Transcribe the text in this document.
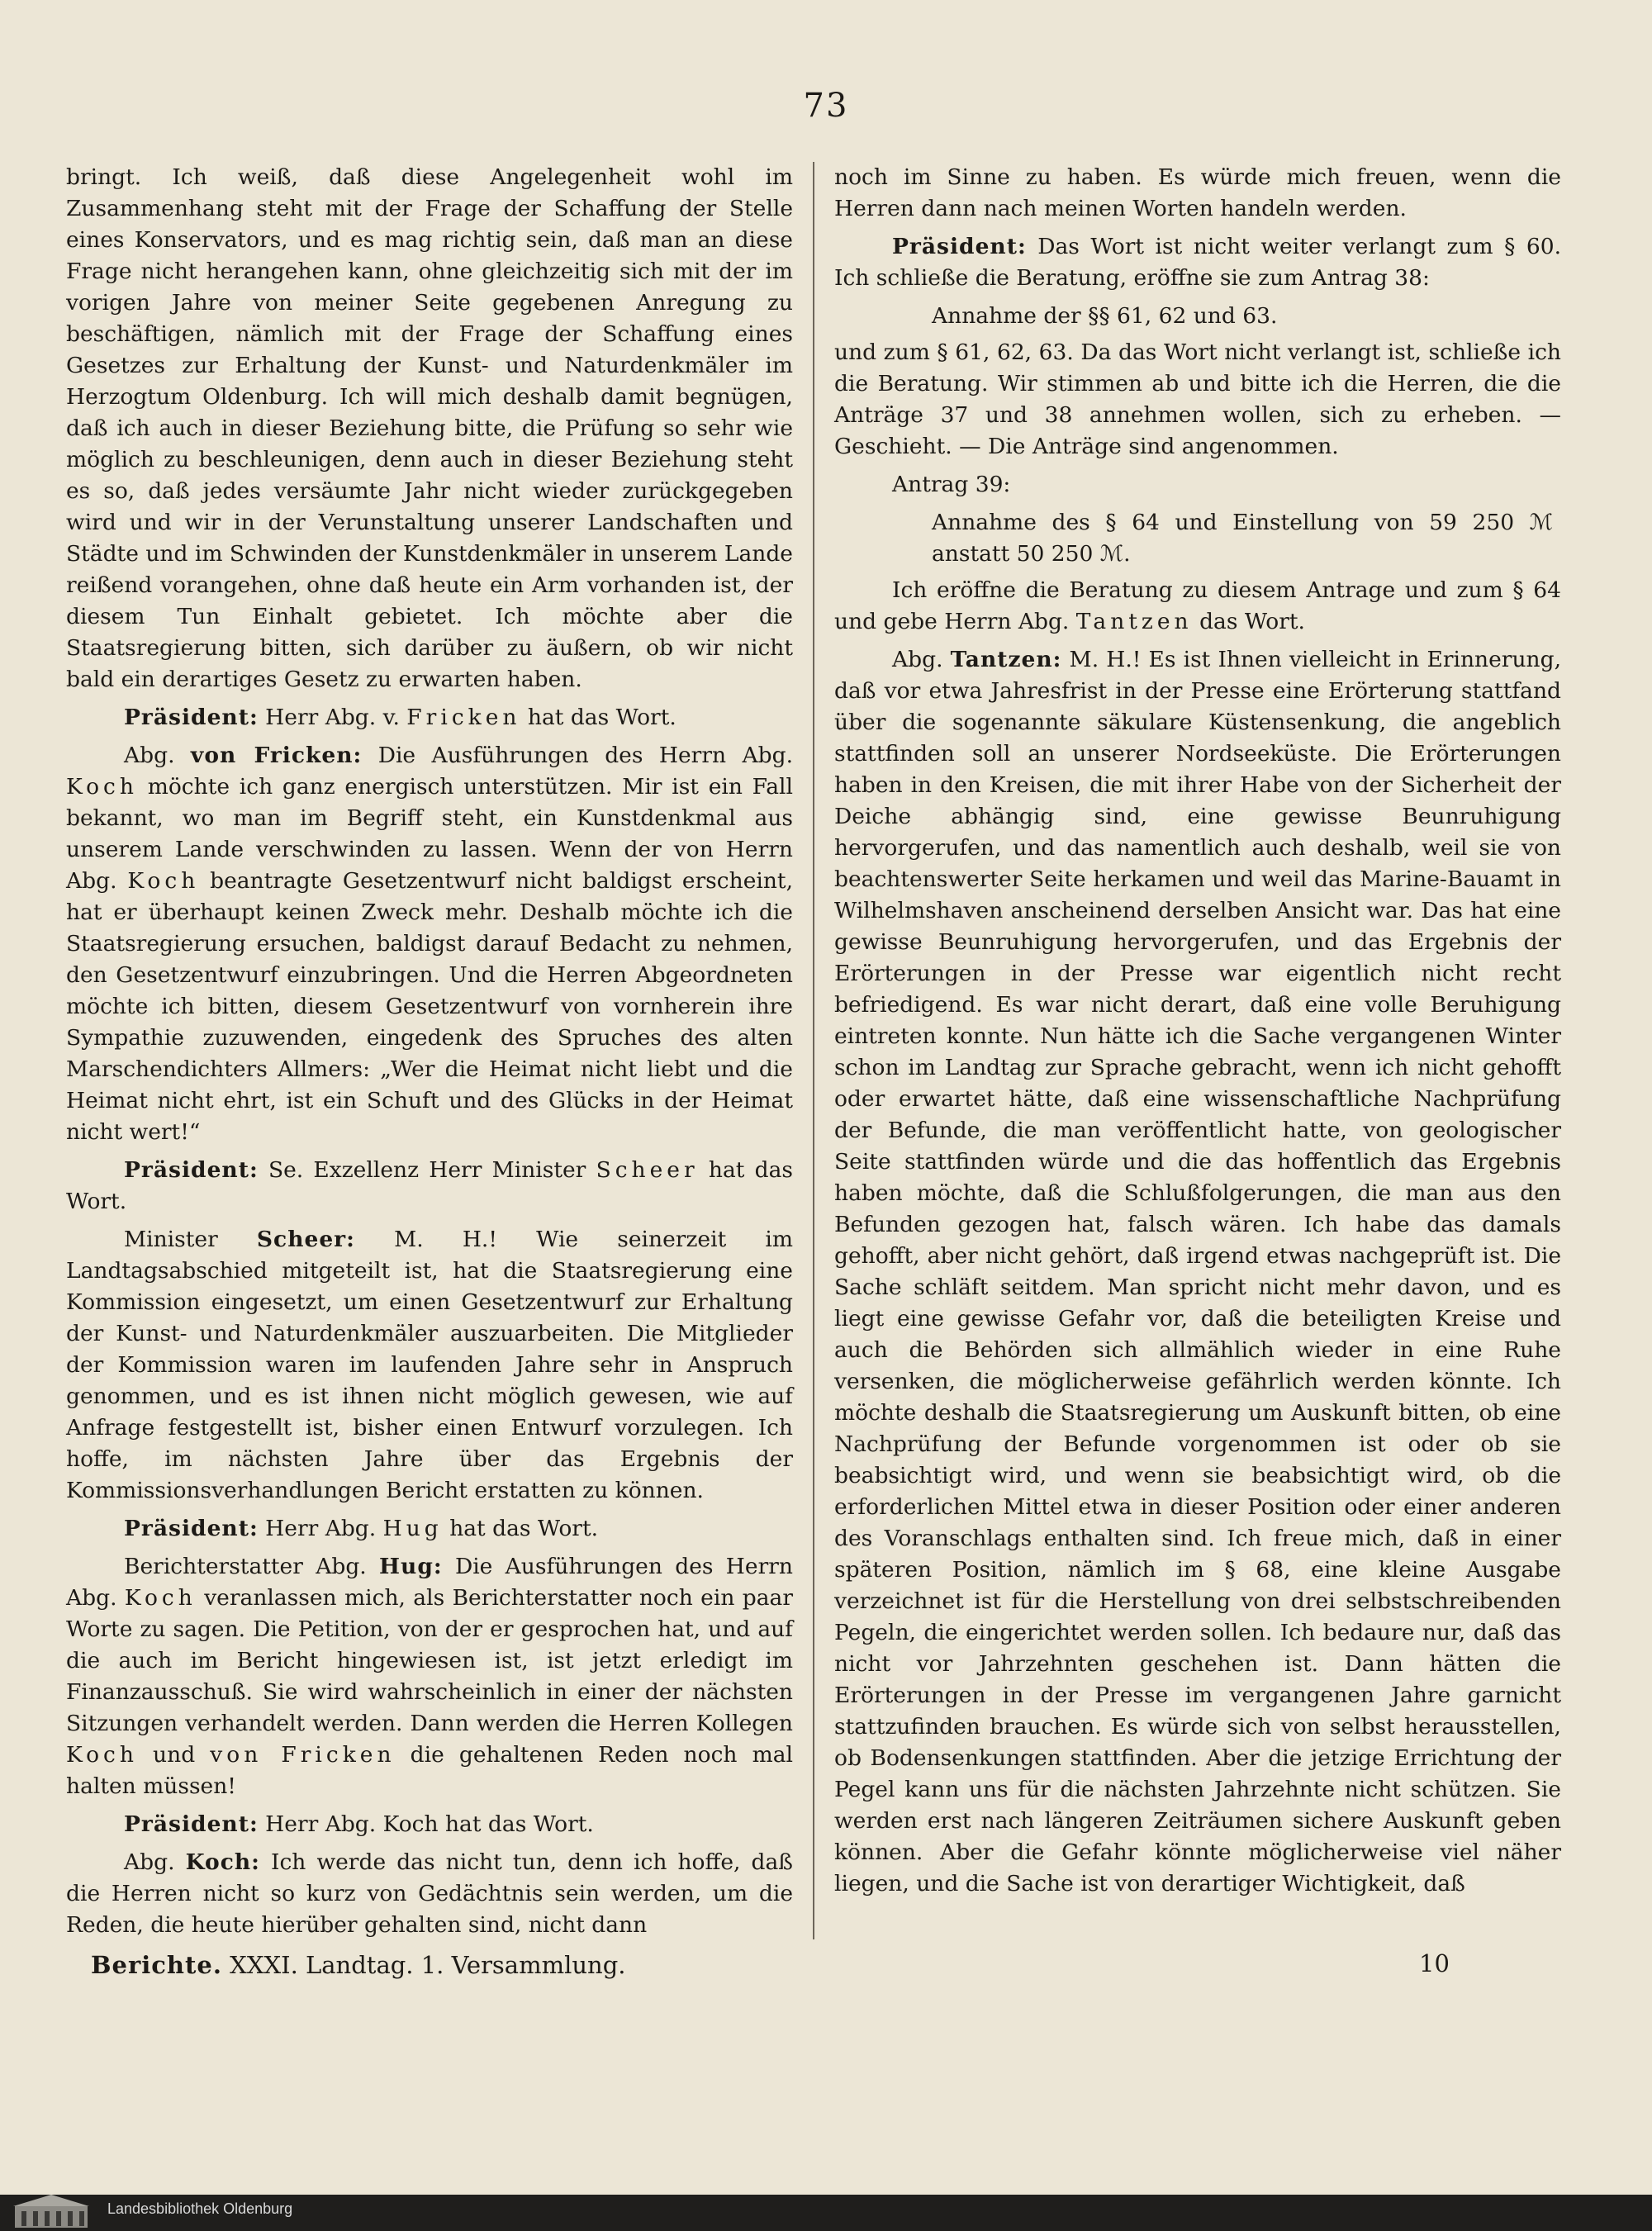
73

bringt. Ich weiß, daß diese Angelegenheit wohl im Zusammenhang steht mit der Frage der Schaffung der Stelle eines Konservators, und es mag richtig sein, daß man an diese Frage nicht herangehen kann, ohne gleichzeitig sich mit der im vorigen Jahre von meiner Seite gegebenen Anregung zu beschäftigen, nämlich mit der Frage der Schaffung eines Gesetzes zur Erhaltung der Kunst- und Naturdenkmäler im Herzogtum Oldenburg. Ich will mich deshalb damit begnügen, daß ich auch in dieser Beziehung bitte, die Prüfung so sehr wie möglich zu beschleunigen, denn auch in dieser Beziehung steht es so, daß jedes versäumte Jahr nicht wieder zurückgegeben wird und wir in der Verunstaltung unserer Landschaften und Städte und im Schwinden der Kunstdenkmäler in unserem Lande reißend vorangehen, ohne daß heute ein Arm vorhanden ist, der diesem Tun Einhalt gebietet. Ich möchte aber die Staatsregierung bitten, sich darüber zu äußern, ob wir nicht bald ein derartiges Gesetz zu erwarten haben.

Präsident: Herr Abg. v. Fricken hat das Wort.

Abg. von Fricken: Die Ausführungen des Herrn Abg. Koch möchte ich ganz energisch unterstützen. Mir ist ein Fall bekannt, wo man im Begriff steht, ein Kunstdenkmal aus unserem Lande verschwinden zu lassen. Wenn der von Herrn Abg. Koch beantragte Gesetzentwurf nicht baldigst erscheint, hat er überhaupt keinen Zweck mehr. Deshalb möchte ich die Staatsregierung ersuchen, baldigst darauf Bedacht zu nehmen, den Gesetzentwurf einzubringen. Und die Herren Abgeordneten möchte ich bitten, diesem Gesetzentwurf von vornherein ihre Sympathie zuzuwenden, eingedenk des Spruches des alten Marschendichters Allmers: „Wer die Heimat nicht liebt und die Heimat nicht ehrt, ist ein Schuft und des Glücks in der Heimat nicht wert!“

Präsident: Se. Exzellenz Herr Minister Scheer hat das Wort.

Minister Scheer: M. H.! Wie seinerzeit im Landtagsabschied mitgeteilt ist, hat die Staatsregierung eine Kommission eingesetzt, um einen Gesetzentwurf zur Erhaltung der Kunst- und Naturdenkmäler auszuarbeiten. Die Mitglieder der Kommission waren im laufenden Jahre sehr in Anspruch genommen, und es ist ihnen nicht möglich gewesen, wie auf Anfrage festgestellt ist, bisher einen Entwurf vorzulegen. Ich hoffe, im nächsten Jahre über das Ergebnis der Kommissionsverhandlungen Bericht erstatten zu können.

Präsident: Herr Abg. Hug hat das Wort.

Berichterstatter Abg. Hug: Die Ausführungen des Herrn Abg. Koch veranlassen mich, als Berichterstatter noch ein paar Worte zu sagen. Die Petition, von der er gesprochen hat, und auf die auch im Bericht hingewiesen ist, ist jetzt erledigt im Finanzausschuß. Sie wird wahrscheinlich in einer der nächsten Sitzungen verhandelt werden. Dann werden die Herren Kollegen Koch und von Fricken die gehaltenen Reden noch mal halten müssen!

Präsident: Herr Abg. Koch hat das Wort.

Abg. Koch: Ich werde das nicht tun, denn ich hoffe, daß die Herren nicht so kurz von Gedächtnis sein werden, um die Reden, die heute hierüber gehalten sind, nicht dann

noch im Sinne zu haben. Es würde mich freuen, wenn die Herren dann nach meinen Worten handeln werden.

Präsident: Das Wort ist nicht weiter verlangt zum § 60. Ich schließe die Beratung, eröffne sie zum Antrag 38:

Annahme der §§ 61, 62 und 63.

und zum § 61, 62, 63. Da das Wort nicht verlangt ist, schließe ich die Beratung. Wir stimmen ab und bitte ich die Herren, die die Anträge 37 und 38 annehmen wollen, sich zu erheben. — Geschieht. — Die Anträge sind angenommen.

Antrag 39:

Annahme des § 64 und Einstellung von 59 250 ℳ anstatt 50 250 ℳ.

Ich eröffne die Beratung zu diesem Antrage und zum § 64 und gebe Herrn Abg. Tantzen das Wort.

Abg. Tantzen: M. H.! Es ist Ihnen vielleicht in Erinnerung, daß vor etwa Jahresfrist in der Presse eine Erörterung stattfand über die sogenannte säkulare Küstensenkung, die angeblich stattfinden soll an unserer Nordseeküste. Die Erörterungen haben in den Kreisen, die mit ihrer Habe von der Sicherheit der Deiche abhängig sind, eine gewisse Beunruhigung hervorgerufen, und das namentlich auch deshalb, weil sie von beachtenswerter Seite herkamen und weil das Marine-Bauamt in Wilhelmshaven anscheinend derselben Ansicht war. Das hat eine gewisse Beunruhigung hervorgerufen, und das Ergebnis der Erörterungen in der Presse war eigentlich nicht recht befriedigend. Es war nicht derart, daß eine volle Beruhigung eintreten konnte. Nun hätte ich die Sache vergangenen Winter schon im Landtag zur Sprache gebracht, wenn ich nicht gehofft oder erwartet hätte, daß eine wissenschaftliche Nachprüfung der Befunde, die man veröffentlicht hatte, von geologischer Seite stattfinden würde und die das hoffentlich das Ergebnis haben möchte, daß die Schlußfolgerungen, die man aus den Befunden gezogen hat, falsch wären. Ich habe das damals gehofft, aber nicht gehört, daß irgend etwas nachgeprüft ist. Die Sache schläft seitdem. Man spricht nicht mehr davon, und es liegt eine gewisse Gefahr vor, daß die beteiligten Kreise und auch die Behörden sich allmählich wieder in eine Ruhe versenken, die möglicherweise gefährlich werden könnte. Ich möchte deshalb die Staatsregierung um Auskunft bitten, ob eine Nachprüfung der Befunde vorgenommen ist oder ob sie beabsichtigt wird, und wenn sie beabsichtigt wird, ob die erforderlichen Mittel etwa in dieser Position oder einer anderen des Voranschlags enthalten sind. Ich freue mich, daß in einer späteren Position, nämlich im § 68, eine kleine Ausgabe verzeichnet ist für die Herstellung von drei selbstschreibenden Pegeln, die eingerichtet werden sollen. Ich bedaure nur, daß das nicht vor Jahrzehnten geschehen ist. Dann hätten die Erörterungen in der Presse im vergangenen Jahre garnicht stattzufinden brauchen. Es würde sich von selbst herausstellen, ob Bodensenkungen stattfinden. Aber die jetzige Errichtung der Pegel kann uns für die nächsten Jahrzehnte nicht schützen. Sie werden erst nach längeren Zeiträumen sichere Auskunft geben können. Aber die Gefahr könnte möglicherweise viel näher liegen, und die Sache ist von derartiger Wichtigkeit, daß

Berichte. XXXI. Landtag. 1. Versammlung.	10
Landesbibliothek Oldenburg
